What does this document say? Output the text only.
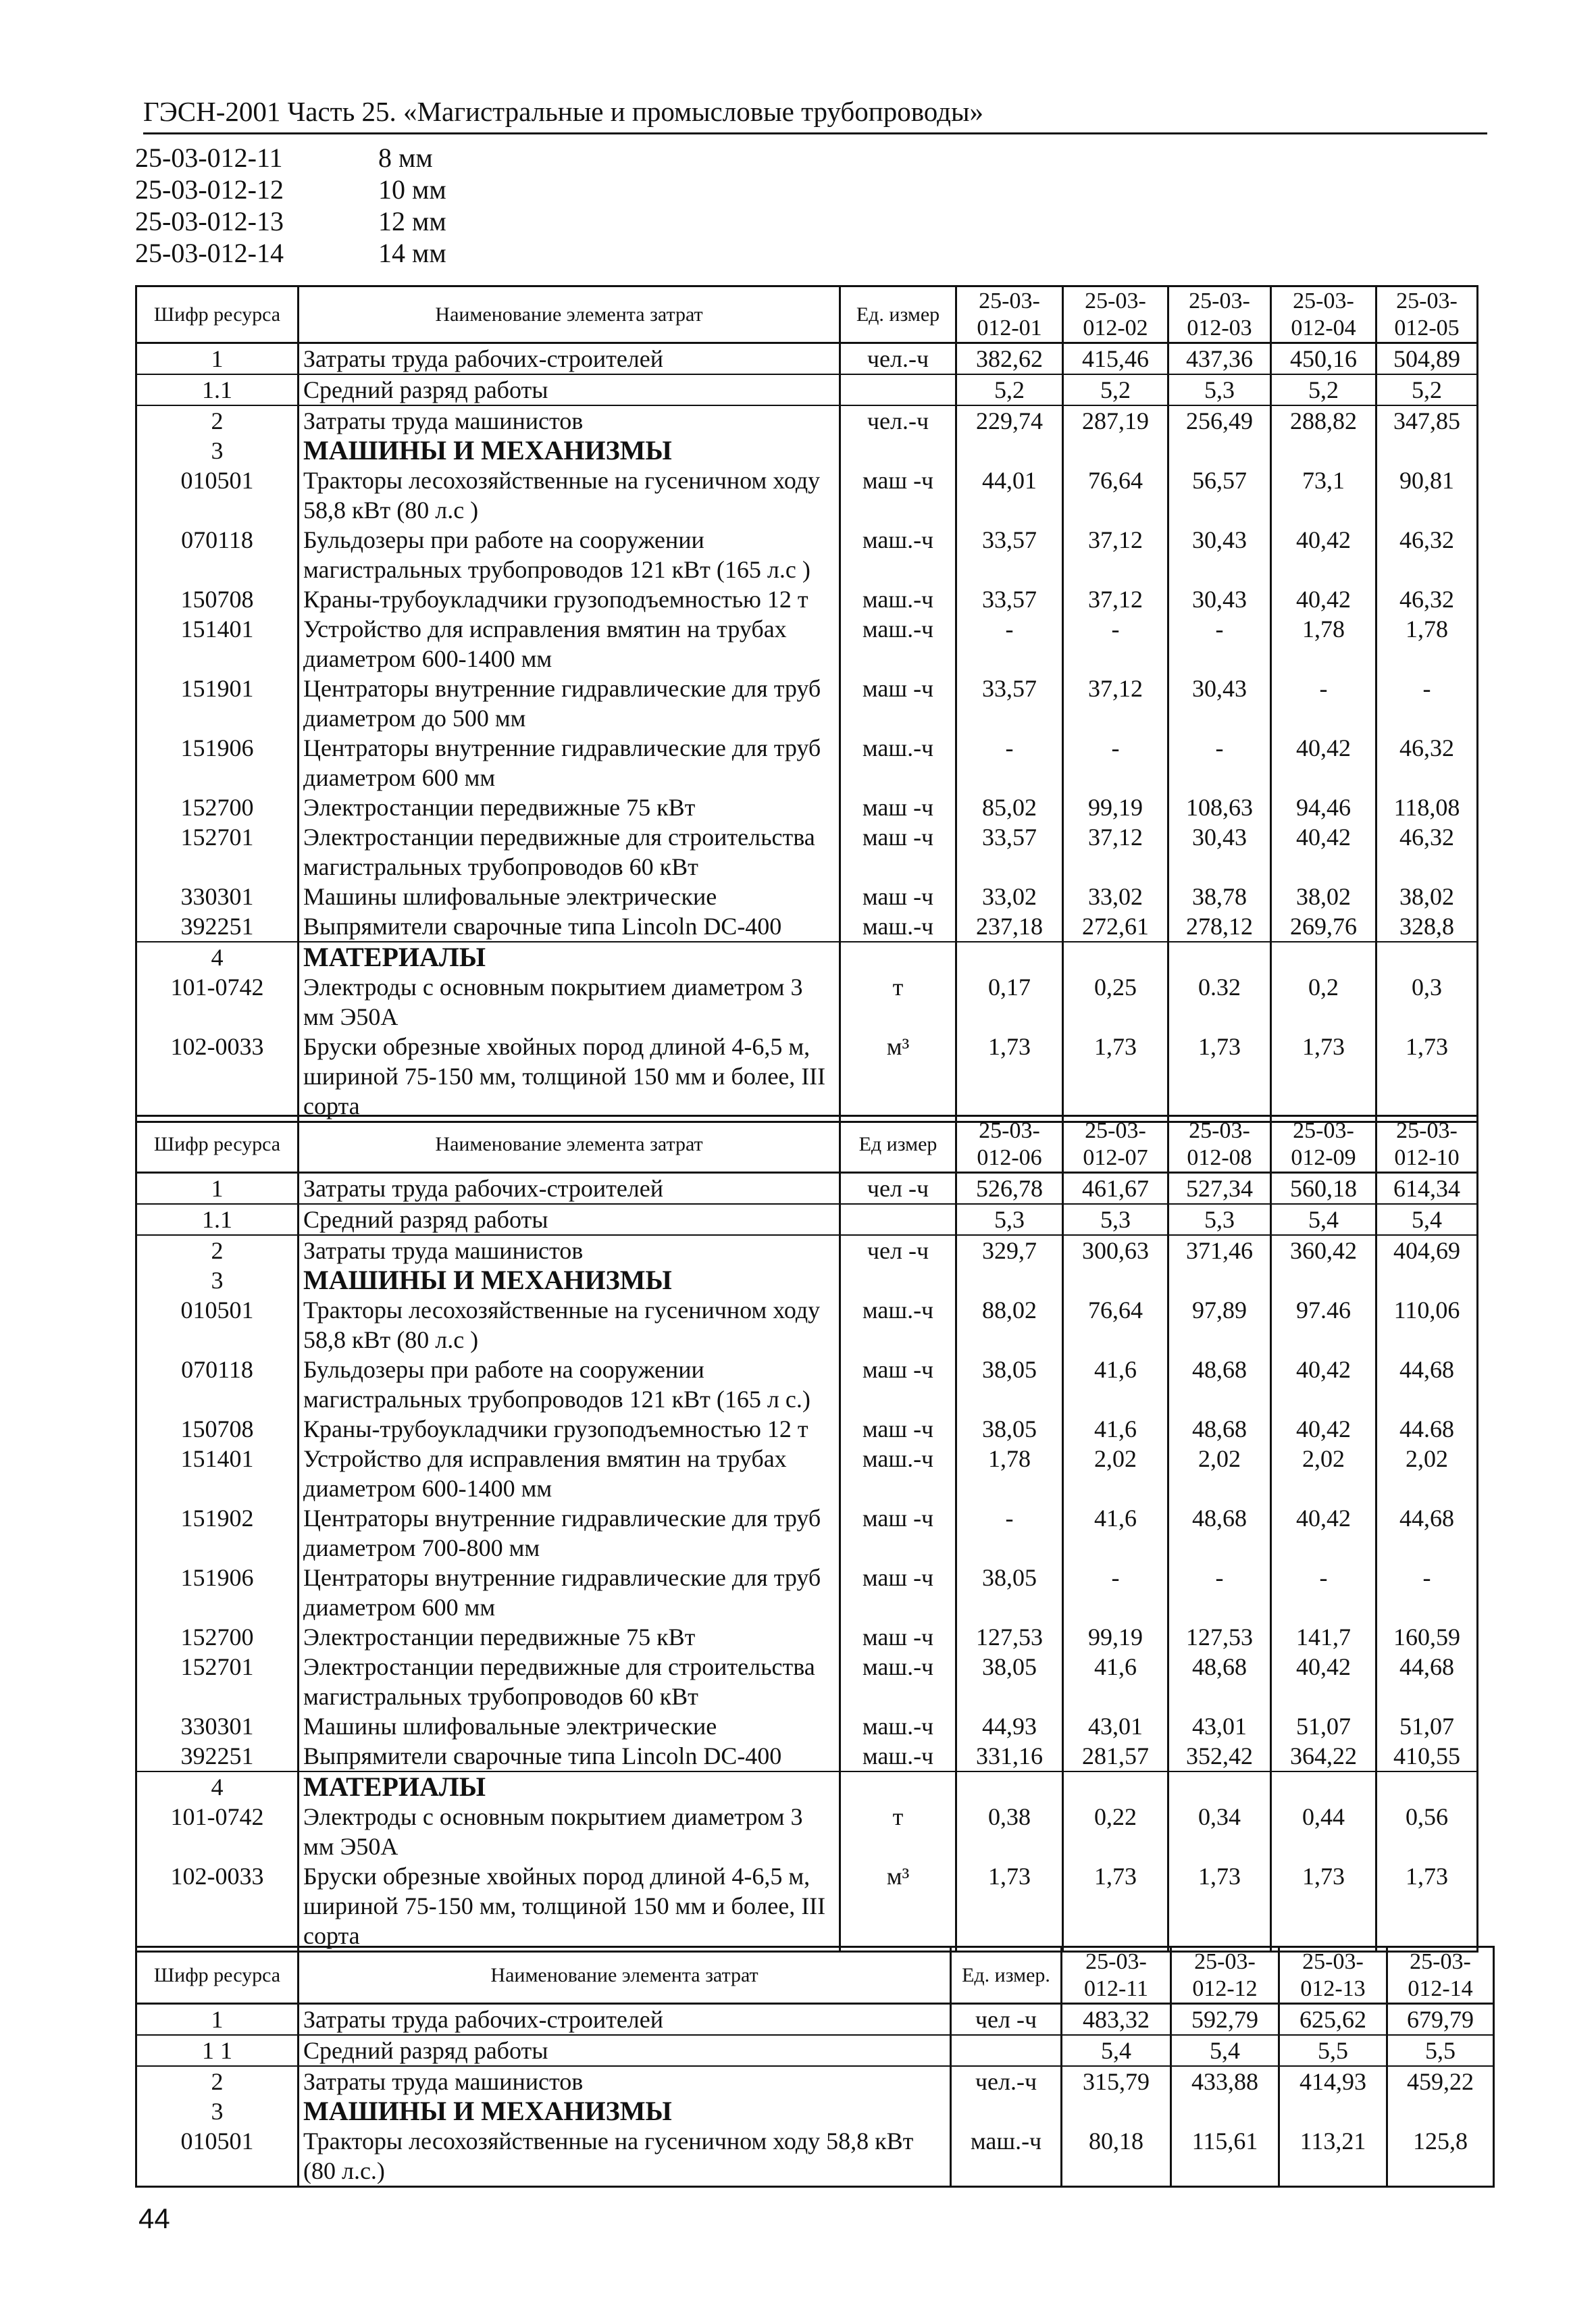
ГЭСН-2001 Часть 25. «Магистральные и промысловые трубопроводы»
25-03-012-11	8 мм
25-03-012-12	10 мм
25-03-012-13	12 мм
25-03-012-14	14 мм
Шифр ресурса	Наименование элемента затрат	Ед. измер	25-03-012-01	25-03-012-02	25-03-012-03	25-03-012-04	25-03-012-05
1	Затраты труда рабочих-строителей	чел.-ч	382,62	415,46	437,36	450,16	504,89
1.1	Средний разряд работы		5,2	5,2	5,3	5,2	5,2
2	Затраты труда машинистов	чел.-ч	229,74	287,19	256,49	288,82	347,85
3	МАШИНЫ И МЕХАНИЗМЫ						
010501	Тракторы лесохозяйственные на гусеничном ходу 58,8 кВт (80 л.с )	маш -ч	44,01	76,64	56,57	73,1	90,81
070118	Бульдозеры при работе на сооружении магистральных трубопроводов 121 кВт (165 л.с )	маш.-ч	33,57	37,12	30,43	40,42	46,32
150708	Краны-трубоукладчики грузоподъемностью 12 т	маш.-ч	33,57	37,12	30,43	40,42	46,32
151401	Устройство для исправления вмятин на трубах диаметром 600-1400 мм	маш.-ч	-	-	-	1,78	1,78
151901	Центраторы внутренние гидравлические для труб диаметром до 500 мм	маш -ч	33,57	37,12	30,43	-	-
151906	Центраторы внутренние гидравлические для труб диаметром 600 мм	маш.-ч	-	-	-	40,42	46,32
152700	Электростанции передвижные 75 кВт	маш -ч	85,02	99,19	108,63	94,46	118,08
152701	Электростанции передвижные для строительства магистральных трубопроводов 60 кВт	маш -ч	33,57	37,12	30,43	40,42	46,32
330301	Машины шлифовальные электрические	маш -ч	33,02	33,02	38,78	38,02	38,02
392251	Выпрямители сварочные типа Lincoln DC-400	маш.-ч	237,18	272,61	278,12	269,76	328,8
4	МАТЕРИАЛЫ						
101-0742	Электроды с основным покрытием диаметром 3 мм Э50А	т	0,17	0,25	0.32	0,2	0,3
102-0033	Бруски обрезные хвойных пород длиной 4-6,5 м, шириной 75-150 мм, толщиной 150 мм и более, III сорта	м³	1,73	1,73	1,73	1,73	1,73
Шифр ресурса	Наименование элемента затрат	Ед измер	25-03-012-06	25-03-012-07	25-03-012-08	25-03-012-09	25-03-012-10
1	Затраты труда рабочих-строителей	чел -ч	526,78	461,67	527,34	560,18	614,34
1.1	Средний разряд работы		5,3	5,3	5,3	5,4	5,4
2	Затраты труда машинистов	чел -ч	329,7	300,63	371,46	360,42	404,69
3	МАШИНЫ И МЕХАНИЗМЫ						
010501	Тракторы лесохозяйственные на гусеничном ходу 58,8 кВт (80 л.с )	маш.-ч	88,02	76,64	97,89	97.46	110,06
070118	Бульдозеры при работе на сооружении магистральных трубопроводов 121 кВт (165 л с.)	маш -ч	38,05	41,6	48,68	40,42	44,68
150708	Краны-трубоукладчики грузоподъемностью 12 т	маш -ч	38,05	41,6	48,68	40,42	44.68
151401	Устройство для исправления вмятин на трубах диаметром 600-1400 мм	маш.-ч	1,78	2,02	2,02	2,02	2,02
151902	Центраторы внутренние гидравлические для труб диаметром 700-800 мм	маш -ч	-	41,6	48,68	40,42	44,68
151906	Центраторы внутренние гидравлические для труб диаметром 600 мм	маш -ч	38,05	-	-	-	-
152700	Электростанции передвижные 75 кВт	маш -ч	127,53	99,19	127,53	141,7	160,59
152701	Электростанции передвижные для строительства магистральных трубопроводов 60 кВт	маш.-ч	38,05	41,6	48,68	40,42	44,68
330301	Машины шлифовальные электрические	маш.-ч	44,93	43,01	43,01	51,07	51,07
392251	Выпрямители сварочные типа Lincoln DC-400	маш.-ч	331,16	281,57	352,42	364,22	410,55
4	МАТЕРИАЛЫ						
101-0742	Электроды с основным покрытием диаметром 3 мм Э50А	т	0,38	0,22	0,34	0,44	0,56
102-0033	Бруски обрезные хвойных пород длиной 4-6,5 м, шириной 75-150 мм, толщиной 150 мм и более, III сорта	м³	1,73	1,73	1,73	1,73	1,73
Шифр ресурса	Наименование элемента затрат	Ед. измер.	25-03-012-11	25-03-012-12	25-03-012-13	25-03-012-14
1	Затраты труда рабочих-строителей	чел -ч	483,32	592,79	625,62	679,79
1 1	Средний разряд работы		5,4	5,4	5,5	5,5
2	Затраты труда машинистов	чел.-ч	315,79	433,88	414,93	459,22
3	МАШИНЫ И МЕХАНИЗМЫ					
010501	Тракторы лесохозяйственные на гусеничном ходу 58,8 кВт (80 л.с.)	маш.-ч	80,18	115,61	113,21	125,8
44
